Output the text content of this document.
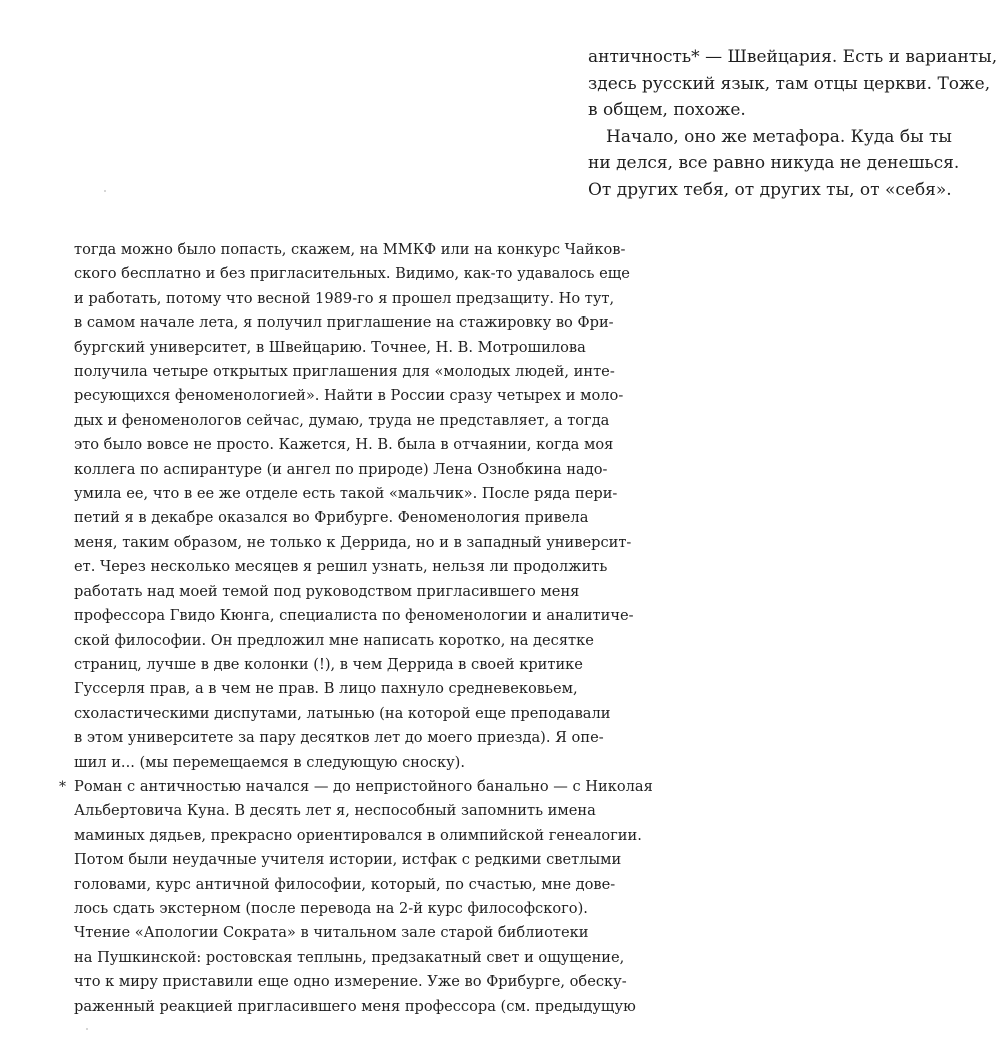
античность* — Швейцария. Есть и варианты,
здесь русский язык, там отцы церкви. Тоже,
в общем, похоже.
Начало, оно же метафора. Куда бы ты
ни делся, все равно никуда не денешься.
От других тебя, от других ты, от «себя».
тогда можно было попасть, скажем, на ММКФ или на конкурс Чайков-
ского бесплатно и без пригласительных. Видимо, как-то удавалось еще
и работать, потому что весной 1989-го я прошел предзащиту. Но тут,
в самом начале лета, я получил приглашение на стажировку во Фри-
бургский университет, в Швейцарию. Точнее, Н. В. Мотрошилова
получила четыре открытых приглашения для «молодых людей, инте-
ресующихся феноменологией». Найти в России сразу четырех и моло-
дых и феноменологов сейчас, думаю, труда не представляет, а тогда
это было вовсе не просто. Кажется, Н. В. была в отчаянии, когда моя
коллега по аспирантуре (и ангел по природе) Лена Ознобкина надо-
умила ее, что в ее же отделе есть такой «мальчик». После ряда пери-
петий я в декабре оказался во Фрибурге. Феноменология привела
меня, таким образом, не только к Деррида, но и в западный университ-
ет. Через несколько месяцев я решил узнать, нельзя ли продолжить
работать над моей темой под руководством пригласившего меня
профессора Гвидо Кюнга, специалиста по феноменологии и аналитиче-
ской философии. Он предложил мне написать коротко, на десятке
страниц, лучше в две колонки (!), в чем Деррида в своей критике
Гуссерля прав, а в чем не прав. В лицо пахнуло средневековьем,
схоластическими диспутами, латынью (на которой еще преподавали
в этом университете за пару десятков лет до моего приезда). Я опе-
шил и... (мы перемещаемся в следующую сноску).
* Роман с античностью начался — до непристойного банально — с Николая
Альбертовича Куна. В десять лет я, неспособный запомнить имена
маминых дядьев, прекрасно ориентировался в олимпийской генеалогии.
Потом были неудачные учителя истории, истфак с редкими светлыми
головами, курс античной философии, который, по счастью, мне дове-
лось сдать экстерном (после перевода на 2-й курс философского).
Чтение «Апологии Сократа» в читальном зале старой библиотеки
на Пушкинской: ростовская теплынь, предзакатный свет и ощущение,
что к миру приставили еще одно измерение. Уже во Фрибурге, обеску-
раженный реакцией пригласившего меня профессора (см. предыдущую
